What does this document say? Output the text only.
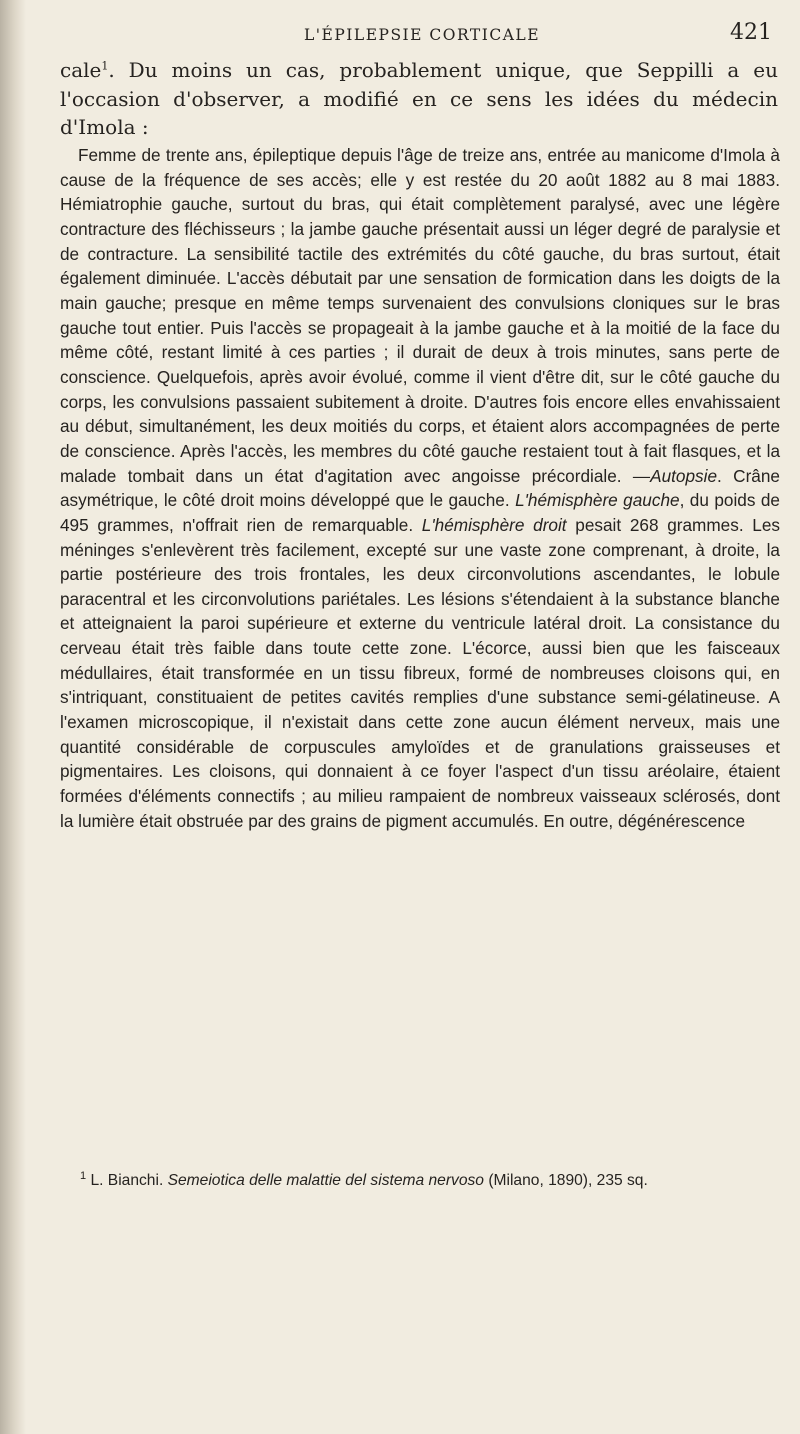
L'ÉPILEPSIE CORTICALE	421

cale$^1$. Du moins un cas, probablement unique, que Seppilli a eu l'occasion d'observer, a modifié en ce sens les idées du médecin d'Imola :

Femme de trente ans, épileptique depuis l'âge de treize ans, entrée au manicome d'Imola à cause de la fréquence de ses accès; elle y est restée du 20 août 1882 au 8 mai 1883. Hémiatrophie gauche, surtout du bras, qui était complètement paralysé, avec une légère contracture des fléchisseurs ; la jambe gauche présentait aussi un léger degré de paralysie et de contracture. La sensibilité tactile des extrémités du côté gauche, du bras surtout, était également diminuée. L'accès débutait par une sensation de formication dans les doigts de la main gauche; presque en même temps survenaient des convulsions cloniques sur le bras gauche tout entier. Puis l'accès se propageait à la jambe gauche et à la moitié de la face du même côté, restant limité à ces parties ; il durait de deux à trois minutes, sans perte de conscience. Quelquefois, après avoir évolué, comme il vient d'être dit, sur le côté gauche du corps, les convulsions passaient subitement à droite. D'autres fois encore elles envahissaient au début, simultanément, les deux moitiés du corps, et étaient alors accompagnées de perte de conscience. Après l'accès, les membres du côté gauche restaient tout à fait flasques, et la malade tombait dans un état d'agitation avec angoisse précordiale. —Autopsie. Crâne asymétrique, le côté droit moins développé que le gauche. L'hémisphère gauche, du poids de 495 grammes, n'offrait rien de remarquable. L'hémisphère droit pesait 268 grammes. Les méninges s'enlevèrent très facilement, excepté sur une vaste zone comprenant, à droite, la partie postérieure des trois frontales, les deux circonvolutions ascendantes, le lobule paracentral et les circonvolutions pariétales. Les lésions s'étendaient à la substance blanche et atteignaient la paroi supérieure et externe du ventricule latéral droit. La consistance du cerveau était très faible dans toute cette zone. L'écorce, aussi bien que les faisceaux médullaires, était transformée en un tissu fibreux, formé de nombreuses cloisons qui, en s'intriquant, constituaient de petites cavités remplies d'une substance semi-gélatineuse. A l'examen microscopique, il n'existait dans cette zone aucun élément nerveux, mais une quantité considérable de corpuscules amyloïdes et de granulations graisseuses et pigmentaires. Les cloisons, qui donnaient à ce foyer l'aspect d'un tissu aréolaire, étaient formées d'éléments connectifs ; au milieu rampaient de nombreux vaisseaux sclérosés, dont la lumière était obstruée par des grains de pigment accumulés. En outre, dégénérescence

$^1$ L. Bianchi. Semeiotica delle malattie del sistema nervoso (Milano, 1890), 235 sq.
